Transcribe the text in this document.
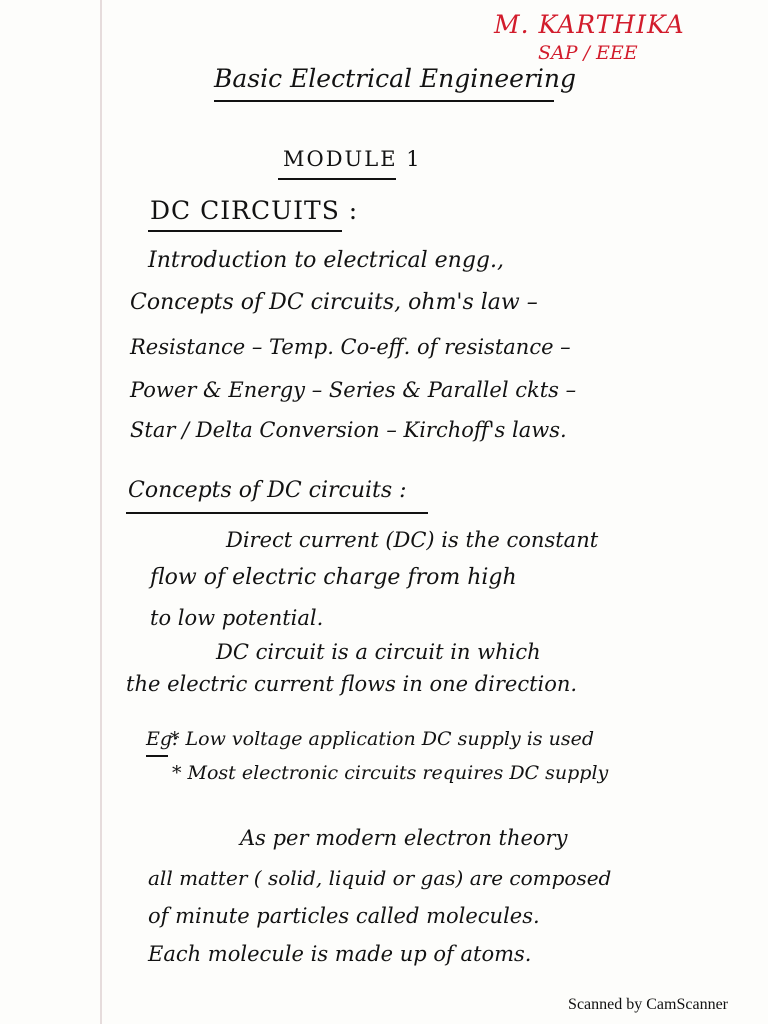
M. KARTHIKA
SAP / EEE
Basic Electrical Engineering
MODULE 1
DC CIRCUITS :
Introduction to electrical engg.,
Concepts of DC circuits, ohm's law –
Resistance – Temp. Co-eff. of resistance –
Power & Energy – Series & Parallel ckts –
Star / Delta Conversion – Kirchoff's laws.
Concepts of DC circuits :
Direct current (DC) is the constant
flow of electric charge from high
to low potential.
DC circuit is a circuit in which
the electric current flows in one direction.
Eg:
* Low voltage application DC supply is used
* Most electronic circuits requires DC supply
As per modern electron theory
all matter ( solid, liquid or gas) are composed
of minute particles called molecules.
Each molecule is made up of atoms.
Scanned by CamScanner
